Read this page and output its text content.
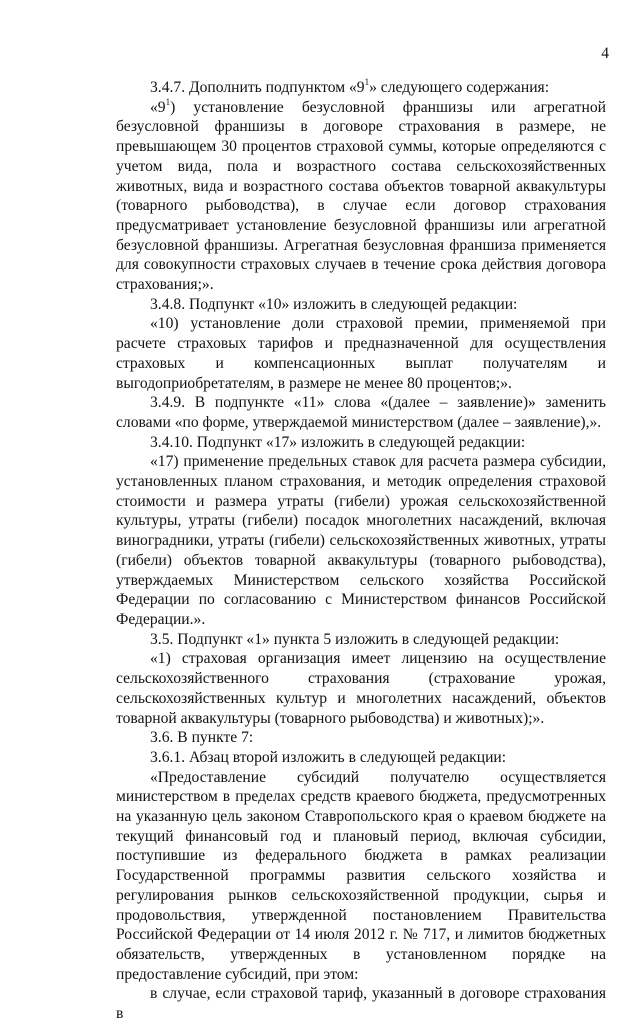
4

3.4.7. Дополнить подпунктом «$9^1$» следующего содержания:

«$9^1$) установление безусловной франшизы или агрегатной безусловной франшизы в договоре страхования в размере, не превышающем 30 процентов страховой суммы, которые определяются с учетом вида, пола и возрастного состава сельскохозяйственных животных, вида и возрастного состава объектов товарной аквакультуры (товарного рыбоводства), в случае если договор страхования предусматривает установление безусловной франшизы или агрегатной безусловной франшизы. Агрегатная безусловная франшиза применяется для совокупности страховых случаев в течение срока действия договора страхования;».

3.4.8. Подпункт «10» изложить в следующей редакции:

«10) установление доли страховой премии, применяемой при расчете страховых тарифов и предназначенной для осуществления страховых и компенсационных выплат получателям и выгодоприобретателям, в размере не менее 80 процентов;».

3.4.9. В подпункте «11» слова «(далее – заявление)» заменить словами «по форме, утверждаемой министерством (далее – заявление),».

3.4.10. Подпункт «17» изложить в следующей редакции:

«17) применение предельных ставок для расчета размера субсидии, установленных планом страхования, и методик определения страховой стоимости и размера утраты (гибели) урожая сельскохозяйственной культуры, утраты (гибели) посадок многолетних насаждений, включая виноградники, утраты (гибели) сельскохозяйственных животных, утраты (гибели) объектов товарной аквакультуры (товарного рыбоводства), утверждаемых Министерством сельского хозяйства Российской Федерации по согласованию с Министерством финансов Российской Федерации.».

3.5. Подпункт «1» пункта 5 изложить в следующей редакции:

«1) страховая организация имеет лицензию на осуществление сельскохозяйственного страхования (страхование урожая, сельскохозяйственных культур и многолетних насаждений, объектов товарной аквакультуры (товарного рыбоводства) и животных);».

3.6. В пункте 7:

3.6.1. Абзац второй изложить в следующей редакции:

«Предоставление субсидий получателю осуществляется министерством в пределах средств краевого бюджета, предусмотренных на указанную цель законом Ставропольского края о краевом бюджете на текущий финансовый год и плановый период, включая субсидии, поступившие из федерального бюджета в рамках реализации Государственной программы развития сельского хозяйства и регулирования рынков сельскохозяйственной продукции, сырья и продовольствия, утвержденной постановлением Правительства Российской Федерации от 14 июля 2012 г. № 717, и лимитов бюджетных обязательств, утвержденных в установленном порядке на предоставление субсидий, при этом:

в случае, если страховой тариф, указанный в договоре страхования в
